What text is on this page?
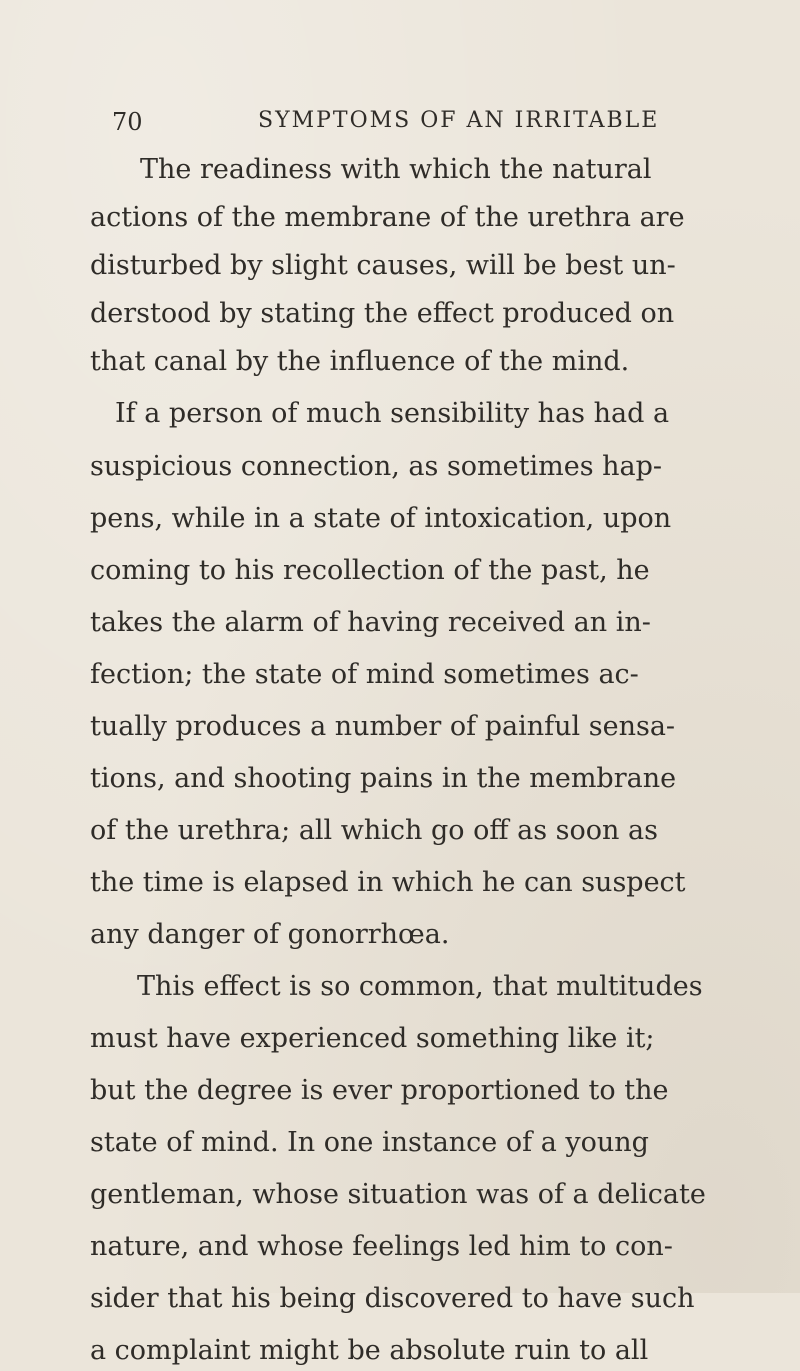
70	SYMPTOMS OF AN IRRITABLE
The readiness with which the natural
actions of the membrane of the urethra are
disturbed by slight causes, will be best un-
derstood by stating the effect produced on
that canal by the influence of the mind.
If a person of much sensibility has had a
suspicious connection, as sometimes hap-
pens, while in a state of intoxication, upon
coming to his recollection of the past, he
takes the alarm of having received an in-
fection; the state of mind sometimes ac-
tually produces a number of painful sensa-
tions, and shooting pains in the membrane
of the urethra; all which go off as soon as
the time is elapsed in which he can suspect
any danger of gonorrhœa.
This effect is so common, that multitudes
must have experienced something like it;
but the degree is ever proportioned to the
state of mind. In one instance of a young
gentleman, whose situation was of a delicate
nature, and whose feelings led him to con-
sider that his being discovered to have such
a complaint might be absolute ruin to all
